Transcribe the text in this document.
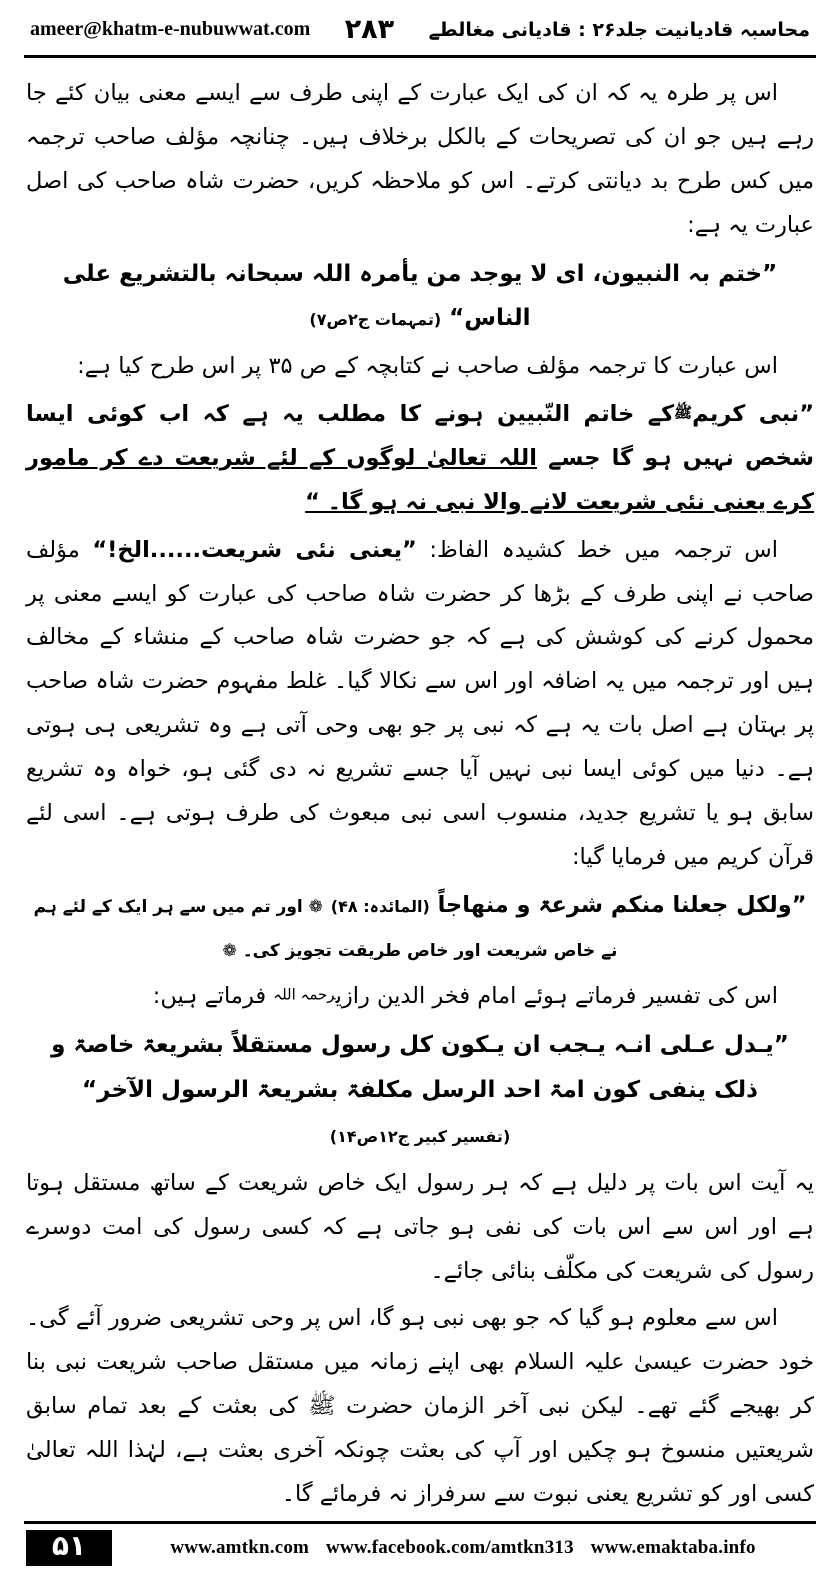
محاسبہ قادیانیت جلد۲۶ : قادیانی مغالطے
۲۸۳
ameer@khatm-e-nubuwwat.com

اس پر طرہ یہ کہ ان کی ایک عبارت کے اپنی طرف سے ایسے معنی بیان کئے جا رہے ہیں جو ان کی تصریحات کے بالکل برخلاف ہیں۔ چنانچہ مؤلف صاحب ترجمہ میں کس طرح بد دیانتی کرتے۔ اس کو ملاحظہ کریں، حضرت شاہ صاحب کی اصل عبارت یہ ہے:

”ختم بہ النبیون، ای لا یوجد من یأمرہ اللہ سبحانہ بالتشریع علی الناس“ (تمہمات ج۲ص۷)

اس عبارت کا ترجمہ مؤلف صاحب نے کتابچہ کے ص ۳۵ پر اس طرح کیا ہے:

”نبی کریمﷺکے خاتم النّبیین ہونے کا مطلب یہ ہے کہ اب کوئی ایسا شخص نہیں ہو گا جسے اللہ تعالیٰ لوگوں کے لئے شریعت دے کر مامور کرے یعنی نئی شریعت لانے والا نبی نہ ہو گا۔ “

اس ترجمہ میں خط کشیدہ الفاظ: ”یعنی نئی شریعت......الخ!“ مؤلف صاحب نے اپنی طرف کے بڑھا کر حضرت شاہ صاحب کی عبارت کو ایسے معنی پر محمول کرنے کی کوشش کی ہے کہ جو حضرت شاہ صاحب کے منشاء کے مخالف ہیں اور ترجمہ میں یہ اضافہ اور اس سے نکالا گیا۔ غلط مفہوم حضرت شاہ صاحب پر بہتان ہے اصل بات یہ ہے کہ نبی پر جو بھی وحی آتی ہے وہ تشریعی ہی ہوتی ہے۔ دنیا میں کوئی ایسا نبی نہیں آیا جسے تشریع نہ دی گئی ہو، خواہ وہ تشریع سابق ہو یا تشریع جدید، منسوب اسی نبی مبعوث کی طرف ہوتی ہے۔ اسی لئے قرآن کریم میں فرمایا گیا:

”ولکل جعلنا منکم شرعۃ و منھاجاً (المائدہ: ۴۸) ❁ اور تم میں سے ہر ایک کے لئے ہم نے خاص شریعت اور خاص طریقت تجویز کی۔ ❁

اس کی تفسیر فرماتے ہوئے امام فخر الدین رازیرحمہ اللہ فرماتے ہیں:

”یـدل عـلی انـہ یـجب ان یـکون کل رسول مستقلاً بشریعۃ خاصۃ و ذلک ینفی کون امۃ احد الرسل مکلفۃ بشریعۃ الرسول الآخر“ (تفسیر کبیر ج۱۲ص۱۴)

یہ آیت اس بات پر دلیل ہے کہ ہر رسول ایک خاص شریعت کے ساتھ مستقل ہوتا ہے اور اس سے اس بات کی نفی ہو جاتی ہے کہ کسی رسول کی امت دوسرے رسول کی شریعت کی مکلّف بنائی جائے۔

اس سے معلوم ہو گیا کہ جو بھی نبی ہو گا، اس پر وحی تشریعی ضرور آئے گی۔ خود حضرت عیسیٰ علیہ السلام بھی اپنے زمانہ میں مستقل صاحب شریعت نبی بنا کر بھیجے گئے تھے۔ لیکن نبی آخر الزمان حضرت ﷺ کی بعثت کے بعد تمام سابق شریعتیں منسوخ ہو چکیں اور آپ کی بعثت چونکہ آخری بعثت ہے، لہٰذا اللہ تعالیٰ کسی اور کو تشریع یعنی نبوت سے سرفراز نہ فرمائے گا۔

۵۱	www.amtkn.com www.facebook.com/amtkn313 www.emaktaba.info
